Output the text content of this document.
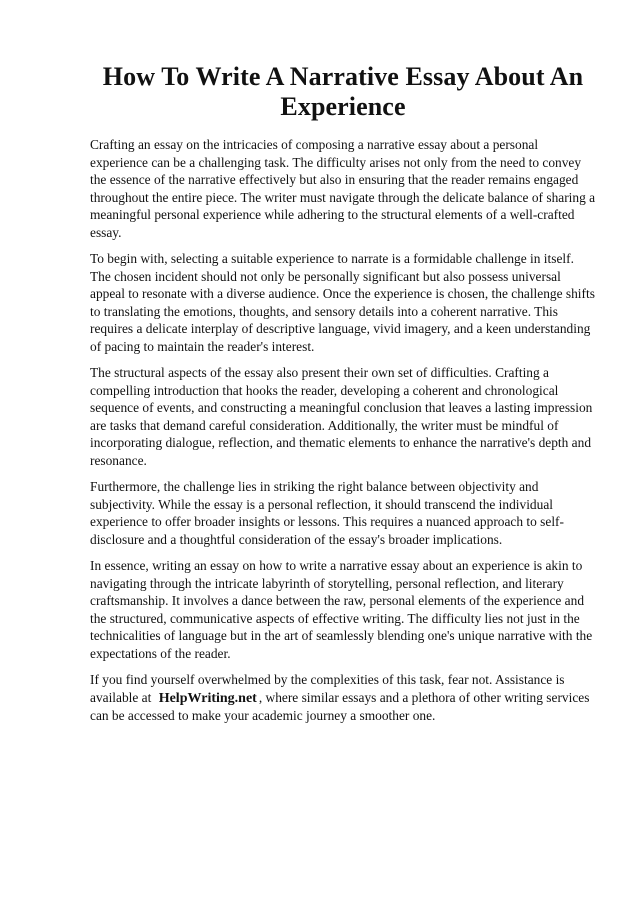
How To Write A Narrative Essay About An Experience

Crafting an essay on the intricacies of composing a narrative essay about a personal experience can be a challenging task. The difficulty arises not only from the need to convey the essence of the narrative effectively but also in ensuring that the reader remains engaged throughout the entire piece. The writer must navigate through the delicate balance of sharing a meaningful personal experience while adhering to the structural elements of a well-crafted essay.

To begin with, selecting a suitable experience to narrate is a formidable challenge in itself. The chosen incident should not only be personally significant but also possess universal appeal to resonate with a diverse audience. Once the experience is chosen, the challenge shifts to translating the emotions, thoughts, and sensory details into a coherent narrative. This requires a delicate interplay of descriptive language, vivid imagery, and a keen understanding of pacing to maintain the reader's interest.

The structural aspects of the essay also present their own set of difficulties. Crafting a compelling introduction that hooks the reader, developing a coherent and chronological sequence of events, and constructing a meaningful conclusion that leaves a lasting impression are tasks that demand careful consideration. Additionally, the writer must be mindful of incorporating dialogue, reflection, and thematic elements to enhance the narrative's depth and resonance.

Furthermore, the challenge lies in striking the right balance between objectivity and subjectivity. While the essay is a personal reflection, it should transcend the individual experience to offer broader insights or lessons. This requires a nuanced approach to self-disclosure and a thoughtful consideration of the essay's broader implications.

In essence, writing an essay on how to write a narrative essay about an experience is akin to navigating through the intricate labyrinth of storytelling, personal reflection, and literary craftsmanship. It involves a dance between the raw, personal elements of the experience and the structured, communicative aspects of effective writing. The difficulty lies not just in the technicalities of language but in the art of seamlessly blending one's unique narrative with the expectations of the reader.

If you find yourself overwhelmed by the complexities of this task, fear not. Assistance is available at HelpWriting.net , where similar essays and a plethora of other writing services can be accessed to make your academic journey a smoother one.
